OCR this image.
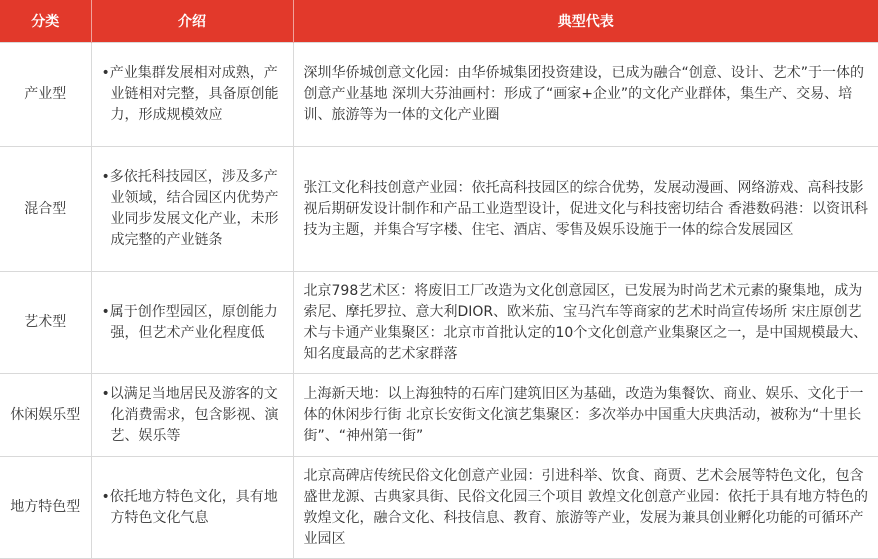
分类	介绍	典型代表
产业型	•产业集群发展相对成熟，产业链相对完整，具备原创能力，形成规模效应	深圳华侨城创意文化园：由华侨城集团投资建设，已成为融合“创意、设计、艺术”于一体的创意产业基地 深圳大芬油画村：形成了“画家+企业”的文化产业群体，集生产、交易、培训、旅游等为一体的文化产业圈
混合型	•多依托科技园区，涉及多产业领域，结合园区内优势产业同步发展文化产业，未形成完整的产业链条	张江文化科技创意产业园：依托高科技园区的综合优势，发展动漫画、网络游戏、高科技影视后期研发设计制作和产品工业造型设计，促进文化与科技密切结合 香港数码港：以资讯科技为主题，并集合写字楼、住宅、酒店、零售及娱乐设施于一体的综合发展园区
艺术型	•属于创作型园区，原创能力强，但艺术产业化程度低	北京798艺术区：将废旧工厂改造为文化创意园区，已发展为时尚艺术元素的聚集地，成为索尼、摩托罗拉、意大利DIOR、欧米茄、宝马汽车等商家的艺术时尚宣传场所 宋庄原创艺术与卡通产业集聚区：北京市首批认定的10个文化创意产业集聚区之一，是中国规模最大、知名度最高的艺术家群落
休闲娱乐型	•以满足当地居民及游客的文化消费需求，包含影视、演艺、娱乐等	上海新天地：以上海独特的石库门建筑旧区为基础，改造为集餐饮、商业、娱乐、文化于一体的休闲步行街 北京长安街文化演艺集聚区：多次举办中国重大庆典活动，被称为“十里长街”、“神州第一街”
地方特色型	•依托地方特色文化，具有地方特色文化气息	北京高碑店传统民俗文化创意产业园：引进科举、饮食、商贾、艺术会展等特色文化，包含盛世龙源、古典家具街、民俗文化园三个项目 敦煌文化创意产业园：依托于具有地方特色的敦煌文化，融合文化、科技信息、教育、旅游等产业，发展为兼具创业孵化功能的可循环产业园区
